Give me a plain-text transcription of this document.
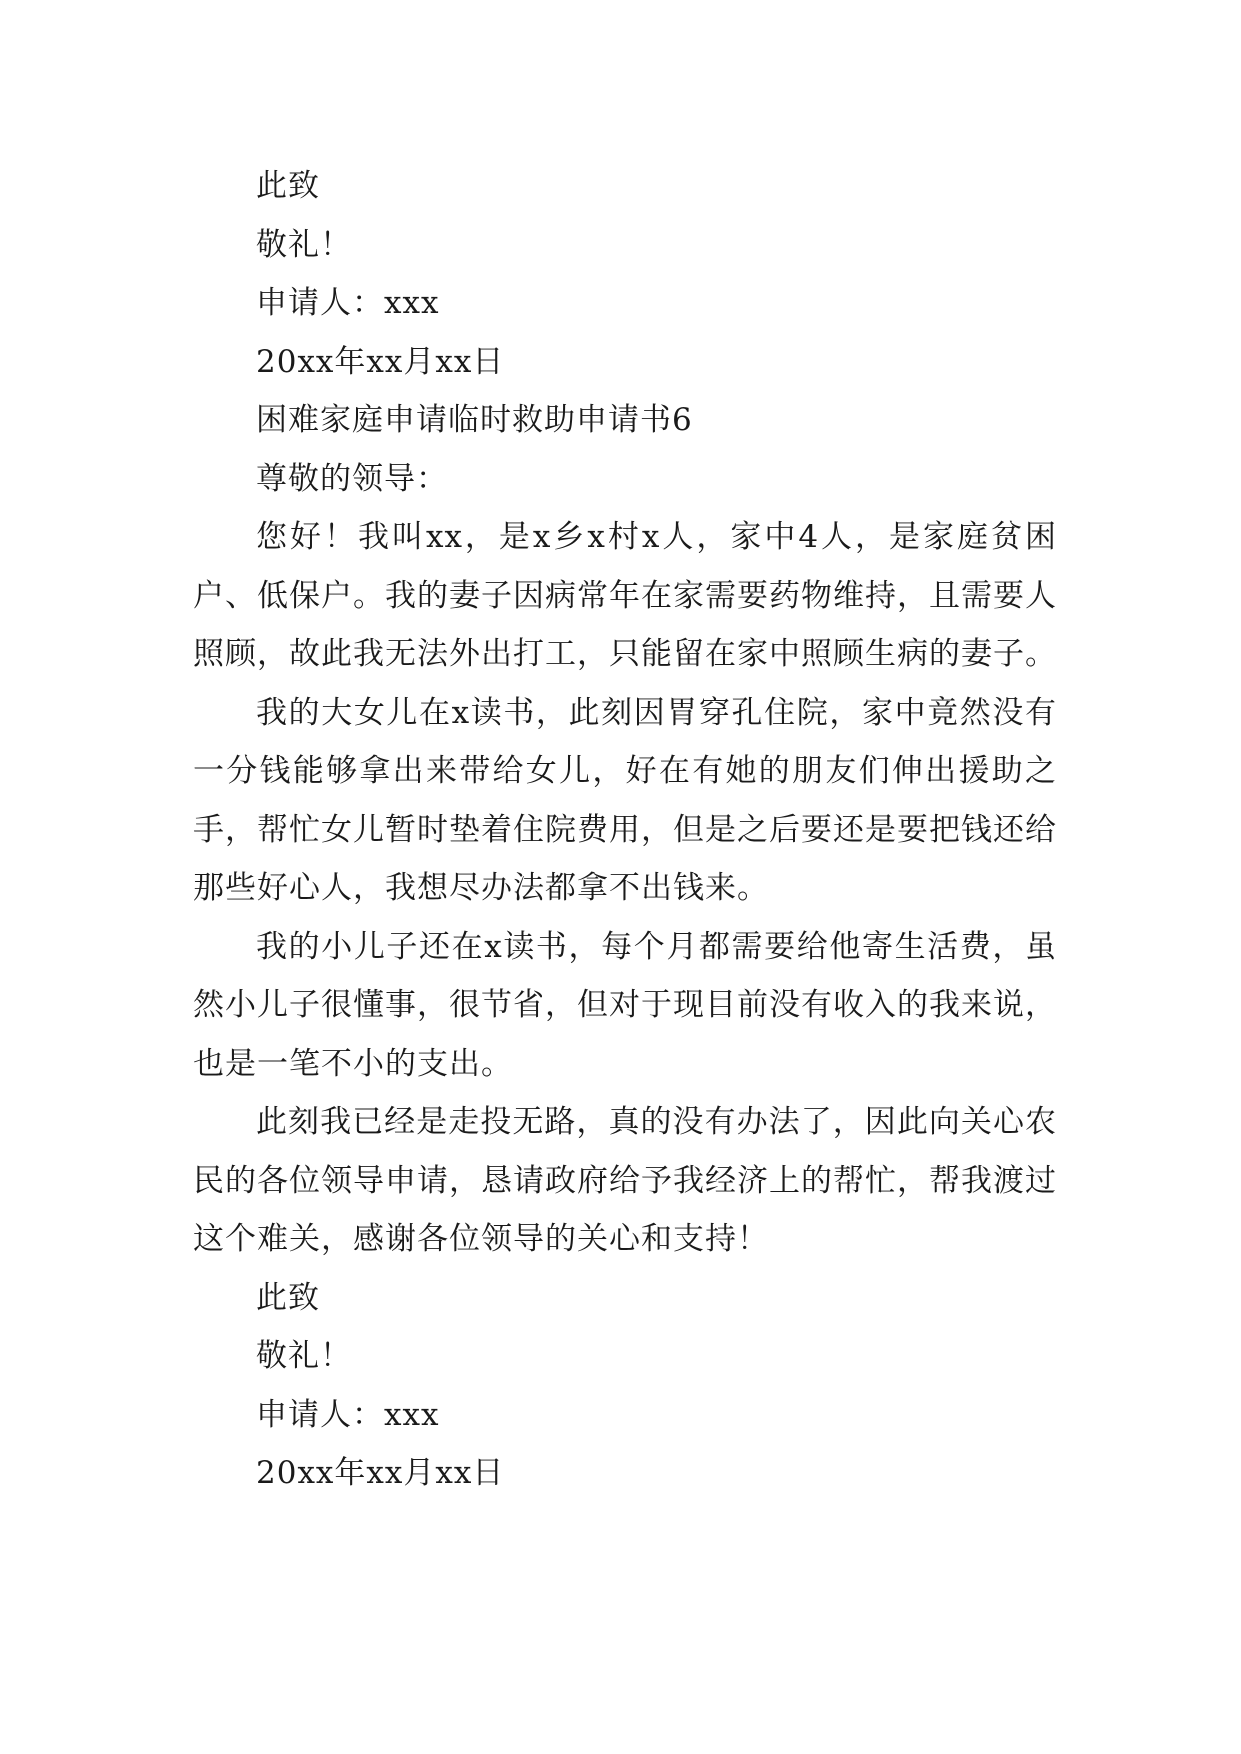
此致
敬礼！
申请人：xxx
20xx年xx月xx日
困难家庭申请临时救助申请书6
尊敬的领导：

您好！我叫xx，是x乡x村x人，家中4人，是家庭贫困户、低保户。我的妻子因病常年在家需要药物维持，且需要人照顾，故此我无法外出打工，只能留在家中照顾生病的妻子。

我的大女儿在x读书，此刻因胃穿孔住院，家中竟然没有一分钱能够拿出来带给女儿，好在有她的朋友们伸出援助之手，帮忙女儿暂时垫着住院费用，但是之后要还是要把钱还给那些好心人，我想尽办法都拿不出钱来。

我的小儿子还在x读书，每个月都需要给他寄生活费，虽然小儿子很懂事，很节省，但对于现目前没有收入的我来说，也是一笔不小的支出。

此刻我已经是走投无路，真的没有办法了，因此向关心农民的各位领导申请，恳请政府给予我经济上的帮忙，帮我渡过这个难关，感谢各位领导的关心和支持！

此致
敬礼！
申请人：xxx
20xx年xx月xx日
